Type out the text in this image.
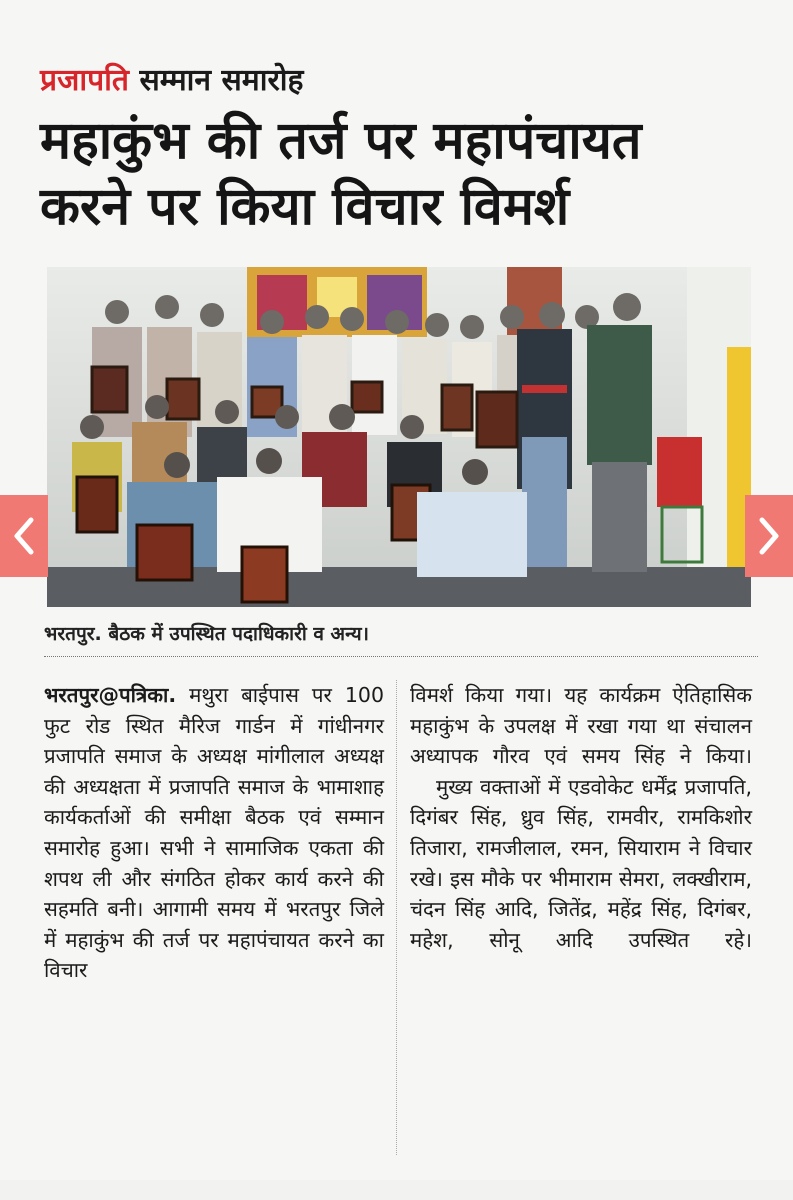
प्रजापति सम्मान समारोह
महाकुंभ की तर्ज पर महापंचायत
करने पर किया विचार विमर्श
भरतपुर. बैठक में उपस्थित पदाधिकारी व अन्य।

भरतपुर@पत्रिका. मथुरा बाईपास पर 100 फुट रोड स्थित मैरिज गार्डन में गांधीनगर प्रजापति समाज के अध्यक्ष मांगीलाल अध्यक्ष की अध्यक्षता में प्रजापति समाज के भामाशाह कार्यकर्ताओं की समीक्षा बैठक एवं सम्मान समारोह हुआ। सभी ने सामाजिक एकता की शपथ ली और संगठित होकर कार्य करने की सहमति बनी। आगामी समय में भरतपुर जिले में महाकुंभ की तर्ज पर महापंचायत करने का विचार

विमर्श किया गया। यह कार्यक्रम ऐतिहासिक महाकुंभ के उपलक्ष में रखा गया था संचालन अध्यापक गौरव एवं समय सिंह ने किया।

मुख्य वक्ताओं में एडवोकेट धर्मेंद्र प्रजापति, दिगंबर सिंह, ध्रुव सिंह, रामवीर, रामकिशोर तिजारा, रामजीलाल, रमन, सियाराम ने विचार रखे। इस मौके पर भीमाराम सेमरा, लक्खीराम, चंदन सिंह आदि, जितेंद्र, महेंद्र सिंह, दिगंबर, महेश, सोनू आदि उपस्थित रहे।
